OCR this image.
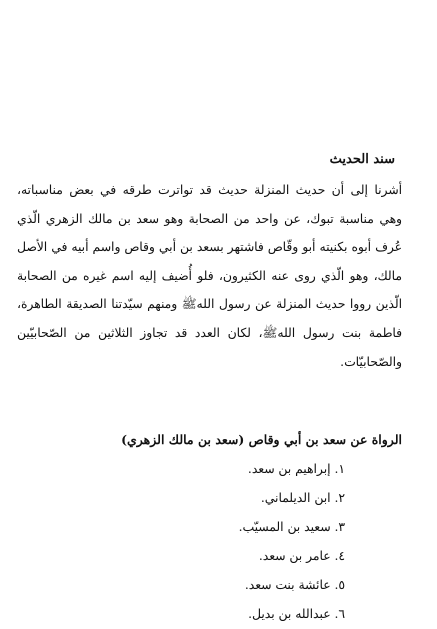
سند الحديث
أشرنا إلى أن حديث المنزلة حديث قد تواترت طرقه في بعض مناسباته،
وهي مناسبة تبوك، عن واحد من الصحابة وهو سعد بن مالك الزهري الّذي
عُرف أبوه بكنيته أبو وقّاص فاشتهر بسعد بن أبي وقاص واسم أبيه في الأصل
مالك، وهو الّذي روى عنه الكثيرون، فلو أُضيف إليه اسم غيره من الصحابة
الّذين رووا حديث المنزلة عن رسول اللهﷺ ومنهم سيّدتنا الصديقة الطاهرة،
فاطمة بنت رسول اللهﷺ، لكان العدد قد تجاوز الثلاثين من الصّحابيّين
والصّحابيّات.
الرواة عن سعد بن أبي وقاص (سعد بن مالك الزهري)
١. إبراهيم بن سعد.
٢. ابن الديلماني.
٣. سعيد بن المسيّب.
٤. عامر بن سعد.
٥. عائشة بنت سعد.
٦. عبدالله بن بديل.
